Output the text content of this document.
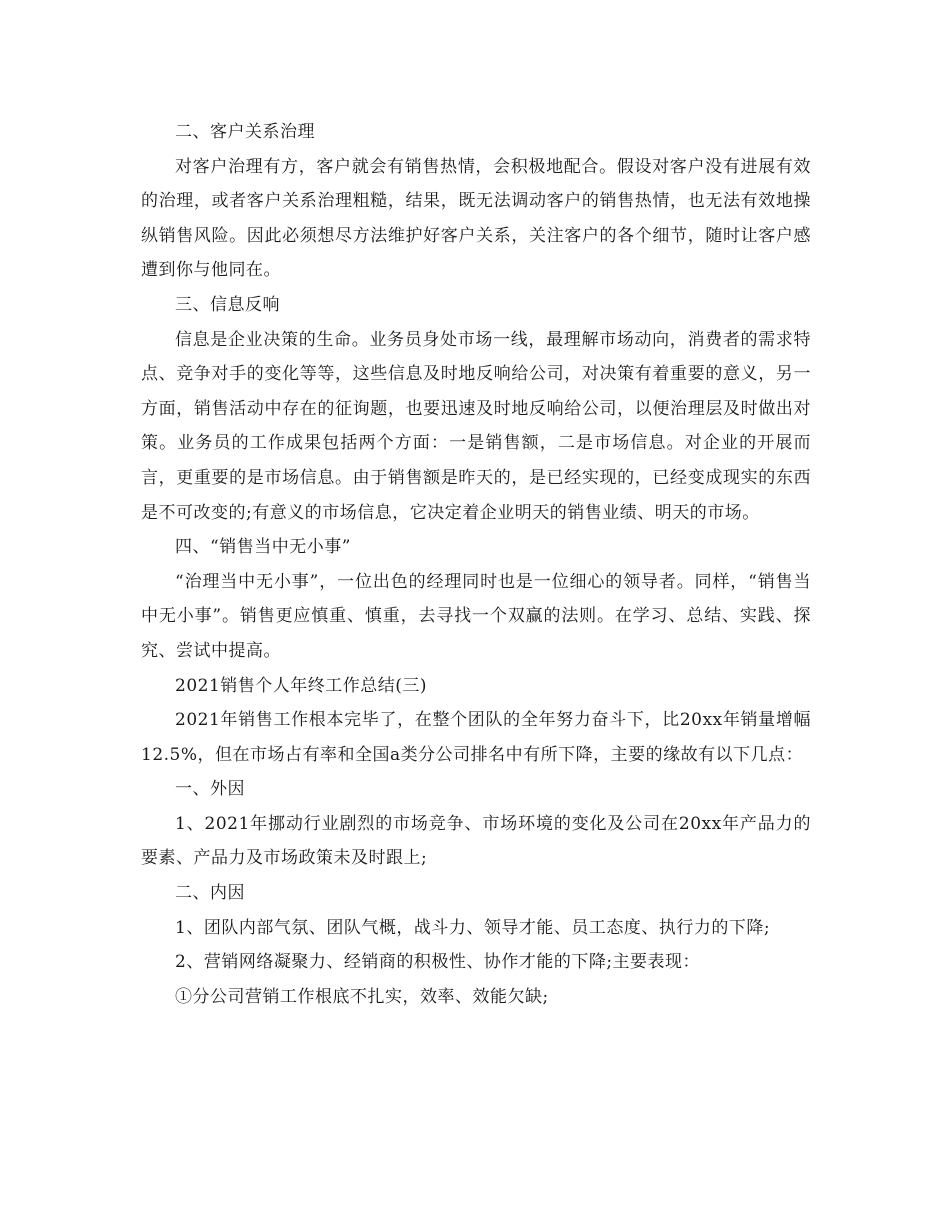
二、客户关系治理

对客户治理有方，客户就会有销售热情，会积极地配合。假设对客户没有进展有效的治理，或者客户关系治理粗糙，结果，既无法调动客户的销售热情，也无法有效地操纵销售风险。因此必须想尽方法维护好客户关系，关注客户的各个细节，随时让客户感遭到你与他同在。

三、信息反响

信息是企业决策的生命。业务员身处市场一线，最理解市场动向，消费者的需求特点、竞争对手的变化等等，这些信息及时地反响给公司，对决策有着重要的意义，另一方面，销售活动中存在的征询题，也要迅速及时地反响给公司，以便治理层及时做出对策。业务员的工作成果包括两个方面：一是销售额，二是市场信息。对企业的开展而言，更重要的是市场信息。由于销售额是昨天的，是已经实现的，已经变成现实的东西是不可改变的;有意义的市场信息，它决定着企业明天的销售业绩、明天的市场。

四、“销售当中无小事”

“治理当中无小事”，一位出色的经理同时也是一位细心的领导者。同样，“销售当中无小事”。销售更应慎重、慎重，去寻找一个双赢的法则。在学习、总结、实践、探究、尝试中提高。

2021销售个人年终工作总结(三)

2021年销售工作根本完毕了，在整个团队的全年努力奋斗下，比20xx年销量增幅12.5%，但在市场占有率和全国a类分公司排名中有所下降，主要的缘故有以下几点：

一、外因

1、2021年挪动行业剧烈的市场竞争、市场环境的变化及公司在20xx年产品力的要素、产品力及市场政策未及时跟上;

二、内因

1、团队内部气氛、团队气概，战斗力、领导才能、员工态度、执行力的下降;

2、营销网络凝聚力、经销商的积极性、协作才能的下降;主要表现：

①分公司营销工作根底不扎实，效率、效能欠缺;
